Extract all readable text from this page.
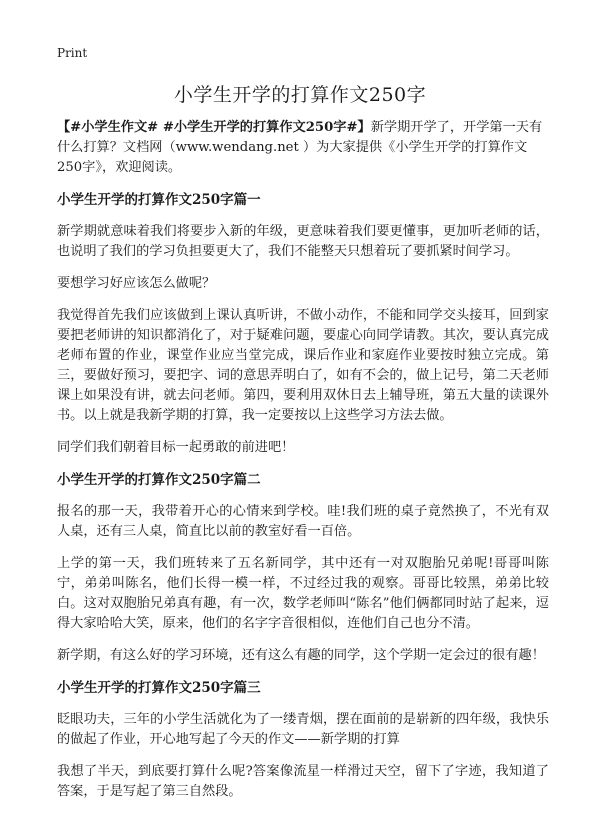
Print
小学生开学的打算作文250字

【#小学生作文# #小学生开学的打算作文250字#】新学期开学了，开学第一天有什么打算？文档网（www.wendang.net ）为大家提供《小学生开学的打算作文250字》，欢迎阅读。

小学生开学的打算作文250字篇一

新学期就意味着我们将要步入新的年级，更意味着我们要更懂事，更加听老师的话，也说明了我们的学习负担要更大了，我们不能整天只想着玩了要抓紧时间学习。

要想学习好应该怎么做呢？

我觉得首先我们应该做到上课认真听讲，不做小动作，不能和同学交头接耳，回到家要把老师讲的知识都消化了，对于疑难问题，要虚心向同学请教。其次，要认真完成老师布置的作业，课堂作业应当堂完成，课后作业和家庭作业要按时独立完成。第三，要做好预习，要把字、词的意思弄明白了，如有不会的，做上记号，第二天老师课上如果没有讲，就去问老师。第四，要利用双休日去上辅导班，第五大量的读课外书。以上就是我新学期的打算，我一定要按以上这些学习方法去做。

同学们我们朝着目标一起勇敢的前进吧！

小学生开学的打算作文250字篇二

报名的那一天，我带着开心的心情来到学校。哇!我们班的桌子竟然换了，不光有双人桌，还有三人桌，简直比以前的教室好看一百倍。

上学的第一天，我们班转来了五名新同学，其中还有一对双胞胎兄弟呢!哥哥叫陈宁，弟弟叫陈名，他们长得一模一样，不过经过我的观察。哥哥比较黑，弟弟比较白。这对双胞胎兄弟真有趣，有一次，数学老师叫“陈名”他们俩都同时站了起来，逗得大家哈哈大笑，原来，他们的名字字音很相似，连他们自己也分不清。

新学期，有这么好的学习环境，还有这么有趣的同学，这个学期一定会过的很有趣！

小学生开学的打算作文250字篇三

眨眼功夫，三年的小学生活就化为了一缕青烟，摆在面前的是崭新的四年级，我快乐的做起了作业，开心地写起了今天的作文——新学期的打算

我想了半天，到底要打算什么呢?答案像流星一样滑过天空，留下了字迹，我知道了答案，于是写起了第三自然段。
